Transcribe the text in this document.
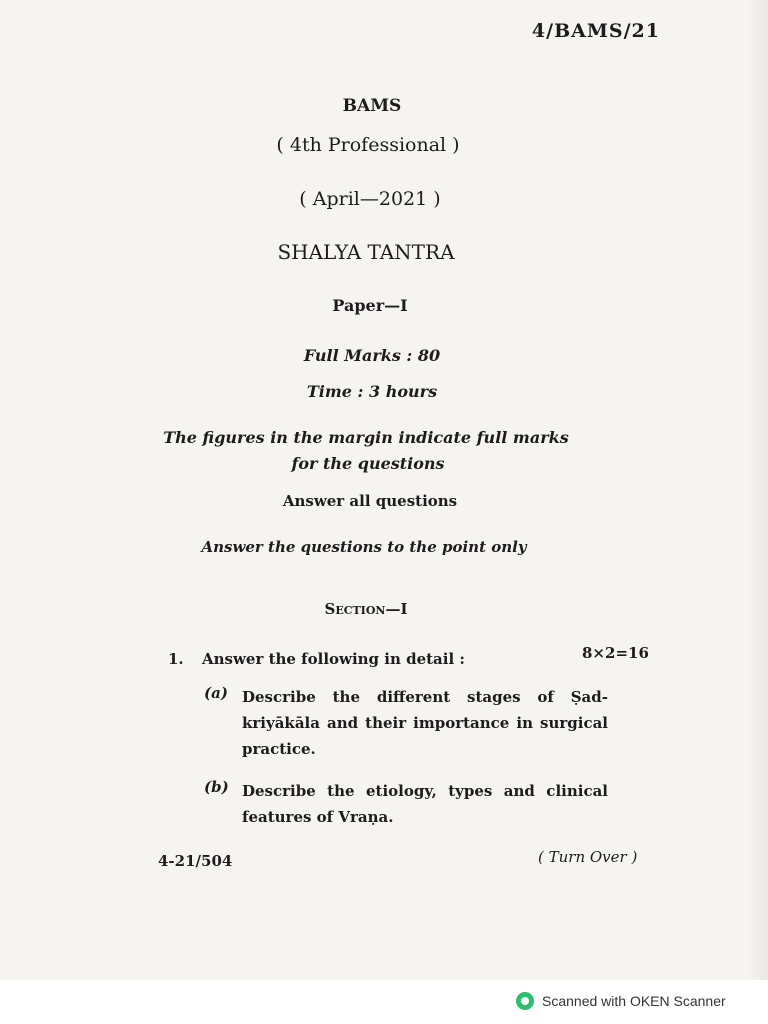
4/BAMS/21
BAMS
( 4th Professional )
( April—2021 )
SHALYA TANTRA
Paper—I
Full Marks : 80
Time : 3 hours
The figures in the margin indicate full marks
for the questions
Answer all questions
Answer the questions to the point only
Section—I
1. Answer the following in detail :	8×2=16
(a) Describe the different stages of Ṣad-kriyākāla and their importance in surgical practice.
(b) Describe the etiology, types and clinical features of Vraṇa.
4-21/504	( Turn Over )
Scanned with OKEN Scanner
